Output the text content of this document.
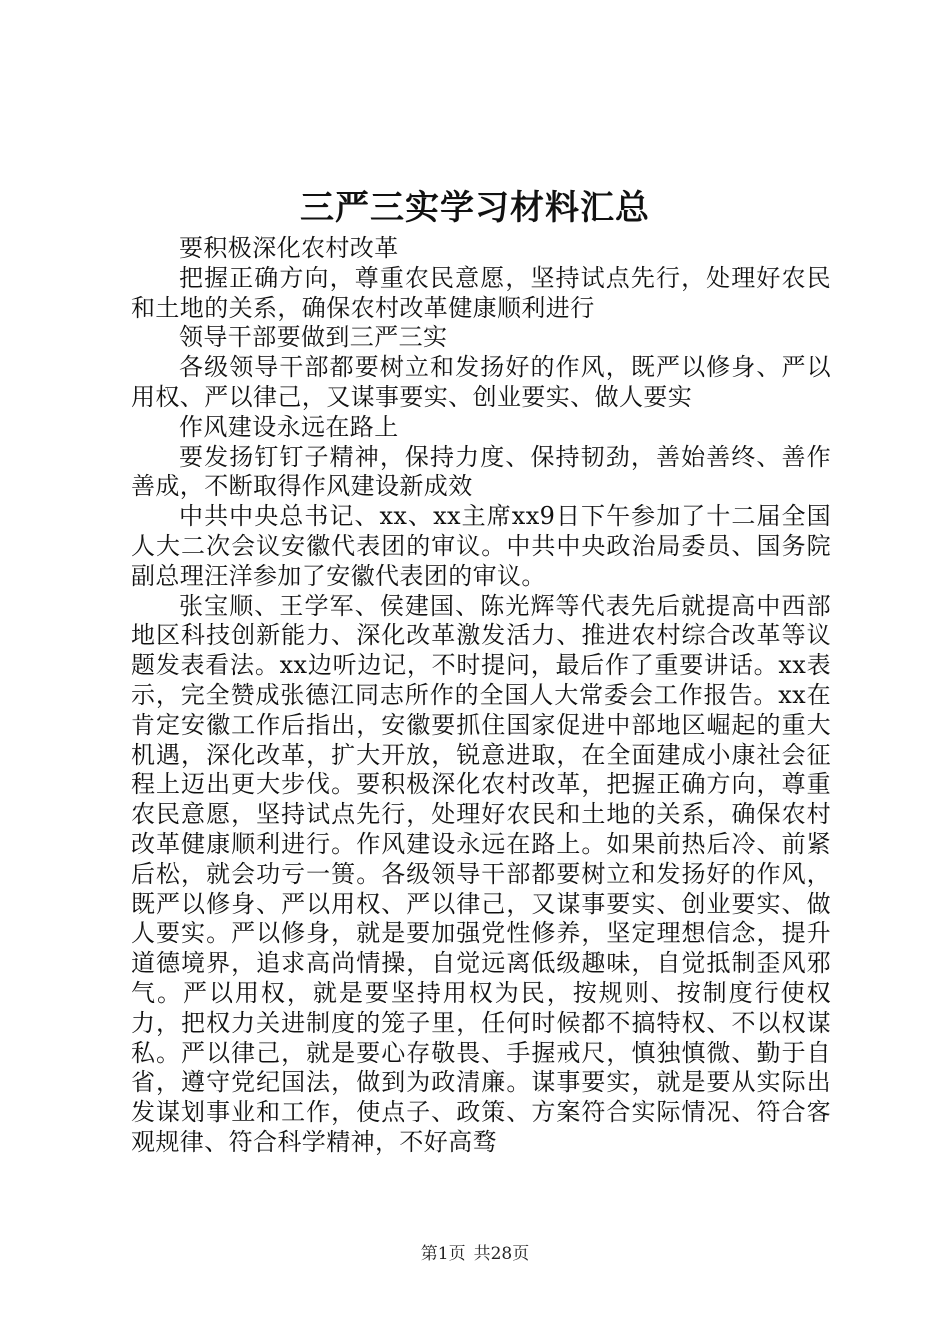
三严三实学习材料汇总

要积极深化农村改革

把握正确方向，尊重农民意愿，坚持试点先行，处理好农民和土地的关系，确保农村改革健康顺利进行

领导干部要做到三严三实

各级领导干部都要树立和发扬好的作风，既严以修身、严以用权、严以律己，又谋事要实、创业要实、做人要实

作风建设永远在路上

要发扬钉钉子精神，保持力度、保持韧劲，善始善终、善作善成，不断取得作风建设新成效

中共中央总书记、xx、xx主席xx9日下午参加了十二届全国人大二次会议安徽代表团的审议。中共中央政治局委员、国务院副总理汪洋参加了安徽代表团的审议。

张宝顺、王学军、侯建国、陈光辉等代表先后就提高中西部地区科技创新能力、深化改革激发活力、推进农村综合改革等议题发表看法。xx边听边记，不时提问，最后作了重要讲话。xx表示，完全赞成张德江同志所作的全国人大常委会工作报告。xx在肯定安徽工作后指出，安徽要抓住国家促进中部地区崛起的重大机遇，深化改革，扩大开放，锐意进取，在全面建成小康社会征程上迈出更大步伐。要积极深化农村改革，把握正确方向，尊重农民意愿，坚持试点先行，处理好农民和土地的关系，确保农村改革健康顺利进行。作风建设永远在路上。如果前热后冷、前紧后松，就会功亏一篑。各级领导干部都要树立和发扬好的作风，既严以修身、严以用权、严以律己，又谋事要实、创业要实、做人要实。严以修身，就是要加强党性修养，坚定理想信念，提升道德境界，追求高尚情操，自觉远离低级趣味，自觉抵制歪风邪气。严以用权，就是要坚持用权为民，按规则、按制度行使权力，把权力关进制度的笼子里，任何时候都不搞特权、不以权谋私。严以律己，就是要心存敬畏、手握戒尺，慎独慎微、勤于自省，遵守党纪国法，做到为政清廉。谋事要实，就是要从实际出发谋划事业和工作，使点子、政策、方案符合实际情况、符合客观规律、符合科学精神，不好高骛

第1页 共28页
